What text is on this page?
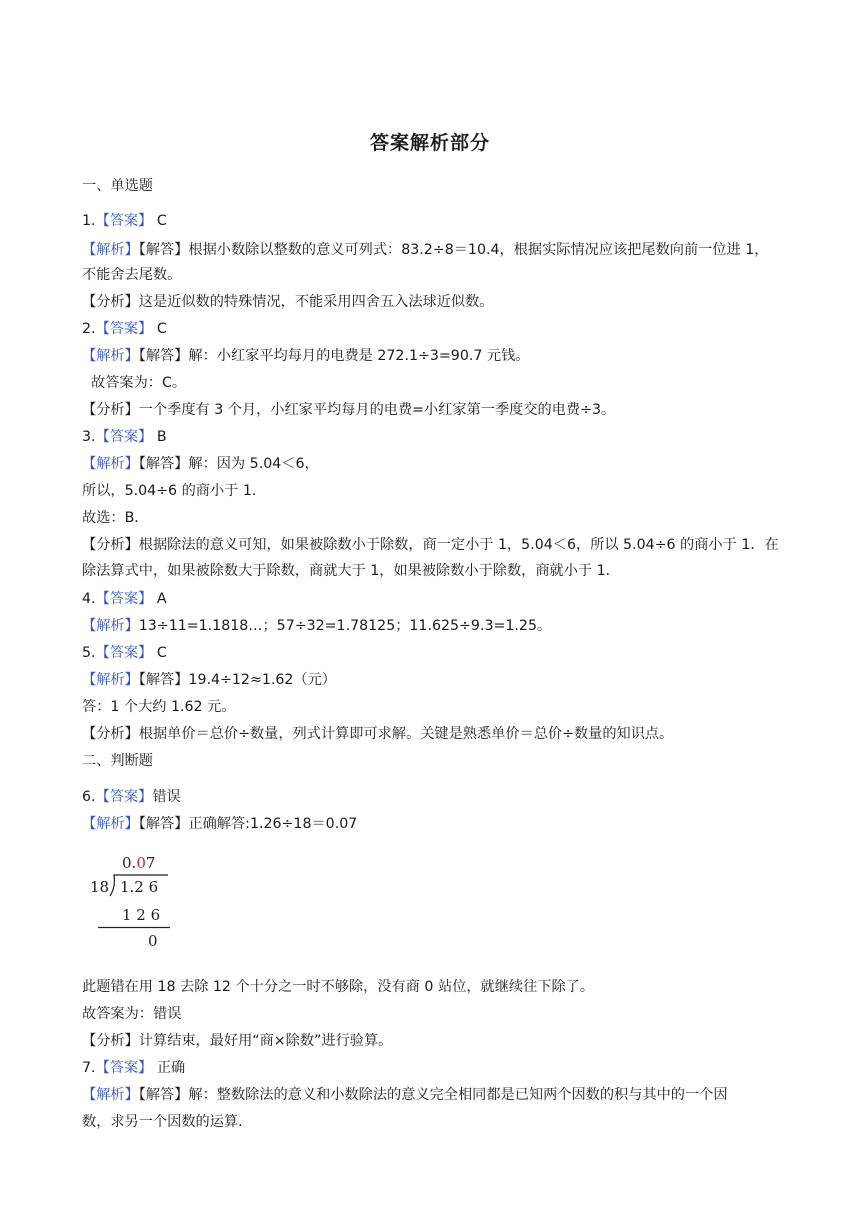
答案解析部分
一、单选题
1.【答案】 C
【解析】【解答】根据小数除以整数的意义可列式：83.2÷8＝10.4，根据实际情况应该把尾数向前一位进 1，
不能舍去尾数。
【分析】这是近似数的特殊情况，不能采用四舍五入法球近似数。
2.【答案】 C
【解析】【解答】解：小红家平均每月的电费是 272.1÷3=90.7 元钱。
故答案为：C。
【分析】一个季度有 3 个月，小红家平均每月的电费=小红家第一季度交的电费÷3。
3.【答案】 B
【解析】【解答】解：因为 5.04＜6，
所以，5.04÷6 的商小于 1．
故选：B．
【分析】根据除法的意义可知，如果被除数小于除数，商一定小于 1，5.04＜6，所以 5.04÷6 的商小于 1．在
除法算式中，如果被除数大于除数，商就大于 1，如果被除数小于除数，商就小于 1．
4.【答案】 A
【解析】13÷11=1.1818…；57÷32=1.78125；11.625÷9.3=1.25。
5.【答案】 C
【解析】【解答】19.4÷12≈1.62（元）
答：1 个大约 1.62 元。
【分析】根据单价＝总价÷数量，列式计算即可求解。关键是熟悉单价＝总价÷数量的知识点。
二、判断题
6.【答案】错误
【解析】【解答】正确解答:1.26÷18＝0.07
0.07
18 1.2 6
1 2 6
0
此题错在用 18 去除 12 个十分之一时不够除，没有商 0 站位，就继续往下除了。
故答案为：错误
【分析】计算结束，最好用“商×除数”进行验算。
7.【答案】 正确
【解析】【解答】解：整数除法的意义和小数除法的意义完全相同都是已知两个因数的积与其中的一个因
数，求另一个因数的运算.
